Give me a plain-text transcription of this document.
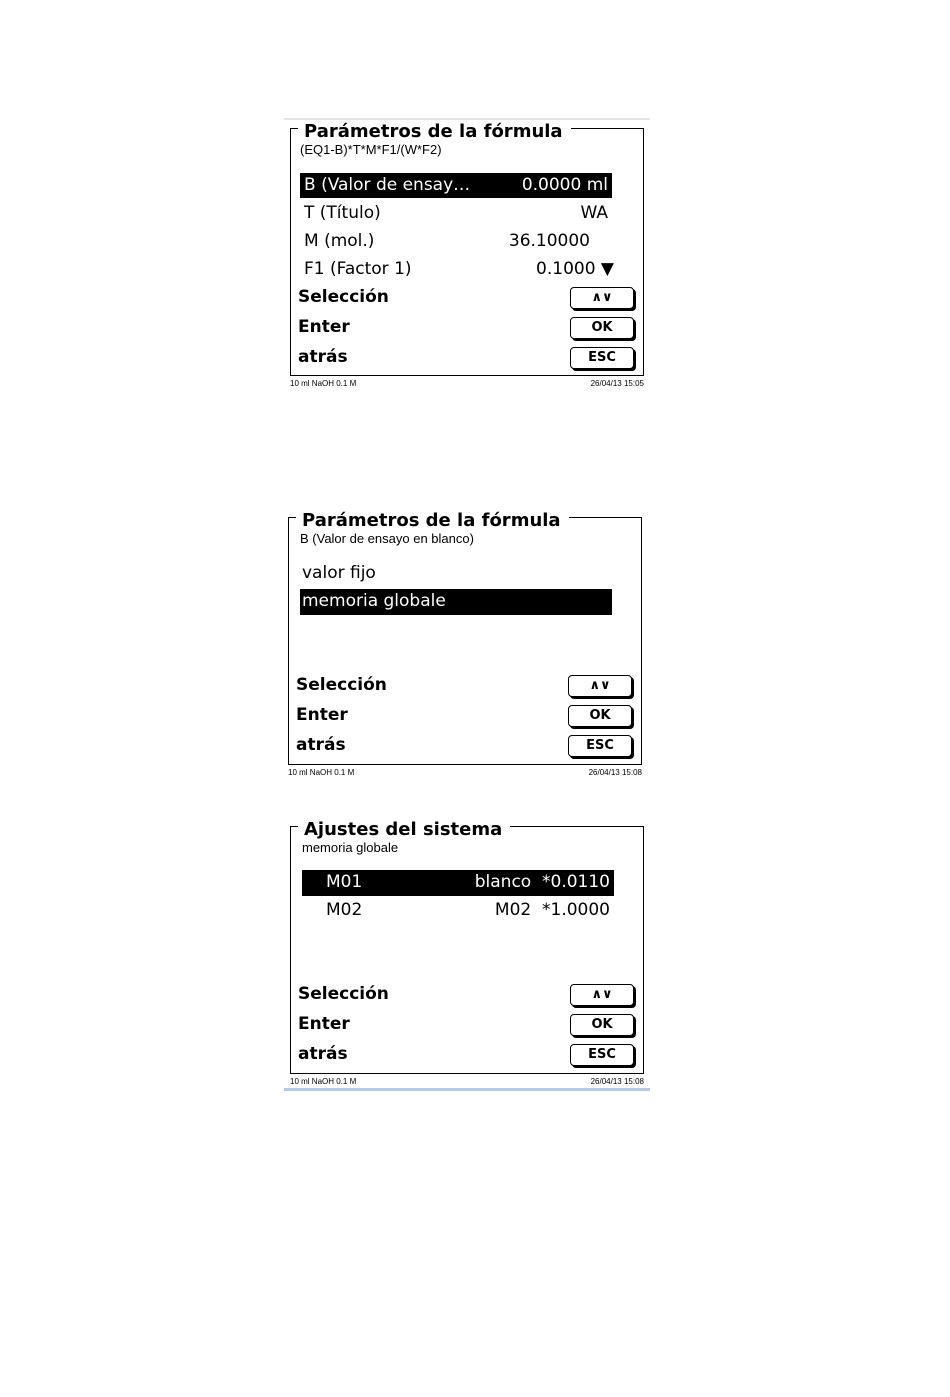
Parámetros de la fórmula
(EQ1-B)*T*M*F1/(W*F2)
B (Valor de ensay…	0.0000 ml
T (Título)	WA
M (mol.)	36.10000
F1 (Factor 1)	0.1000 ▼
Selección	∧∨
Enter	OK
atrás	ESC
10 ml NaOH 0.1 M	26/04/13 15:05
Parámetros de la fórmula
B (Valor de ensayo en blanco)
valor fijo
memoria globale
Selección	∧∨
Enter	OK
atrás	ESC
10 ml NaOH 0.1 M	26/04/13 15:08
Ajustes del sistema
memoria globale
M01	blanco  *0.0110
M02	M02  *1.0000
Selección	∧∨
Enter	OK
atrás	ESC
10 ml NaOH 0.1 M	26/04/13 15:08
